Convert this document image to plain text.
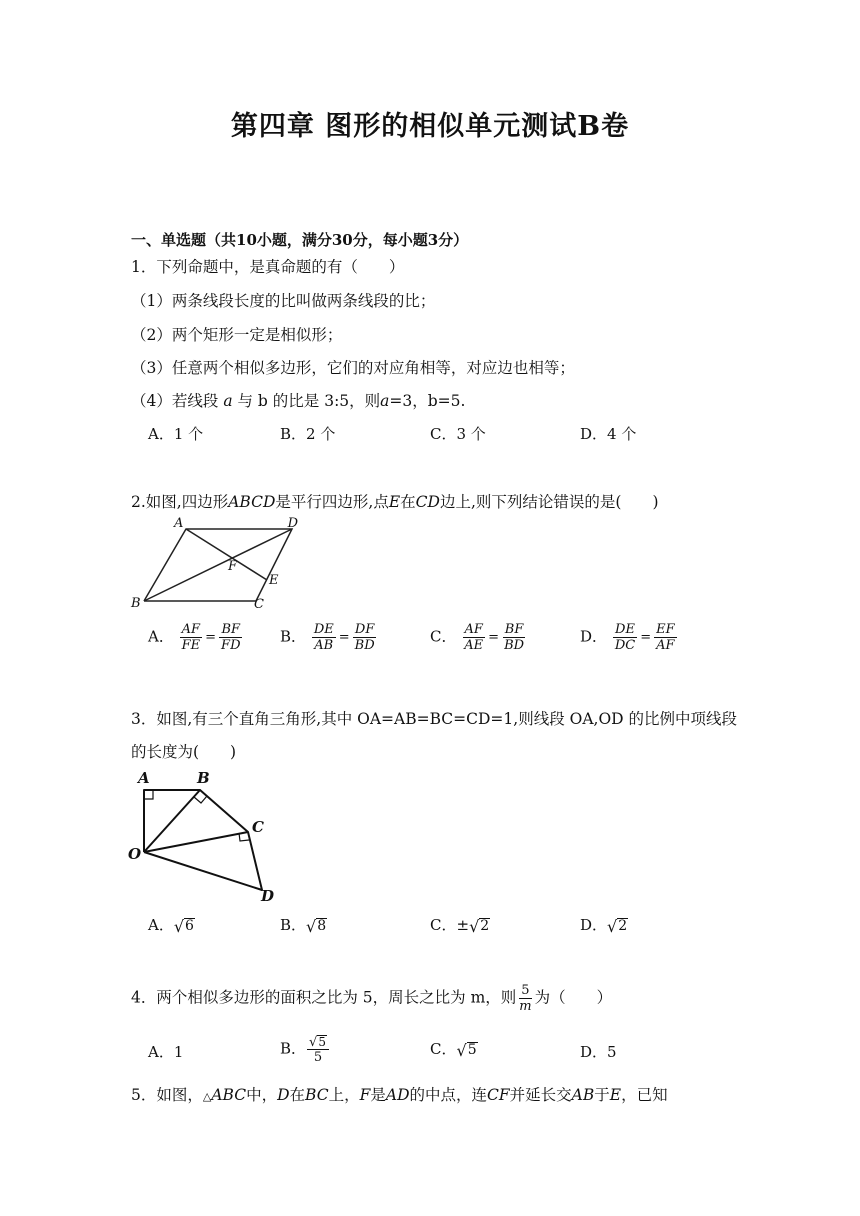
第四章 图形的相似单元测试B卷
一、单选题（共10小题，满分30分，每小题3分）
1．下列命题中，是真命题的有（　　）
（1）两条线段长度的比叫做两条线段的比；
（2）两个矩形一定是相似形；
（3）任意两个相似多边形，它们的对应角相等，对应边也相等；
（4）若线段 a 与 b 的比是 3:5，则a=3，b=5.
A．1 个	B．2 个	C．3 个	D．4 个
2.如图,四边形ABCD是平行四边形,点E在CD边上,则下列结论错误的是(　　)
A	D
B	C
E
F
A． $\frac{AF}{FE} = \frac{BF}{FD}$	B． $\frac{DE}{AB} = \frac{DF}{BD}$	C． $\frac{AF}{AE} = \frac{BF}{BD}$	D． $\frac{DE}{DC} = \frac{EF}{AF}$
3．如图,有三个直角三角形,其中 OA=AB=BC=CD=1,则线段 OA,OD 的比例中项线段
的长度为(　　)
A	B
C
O
D
A． √ 6	B． √ 8	C．± √ 2	D． √ 2
4．两个相似多边形的面积之比为 5，周长之比为 m，则 $\frac{5}{m}$ 为（　　）
A．1	B． $\frac{√ 5}{5}$	C． √ 5	D．5
5．如图，△ABC中，D在BC上，F是AD的中点，连CF并延长交AB于E，已知
